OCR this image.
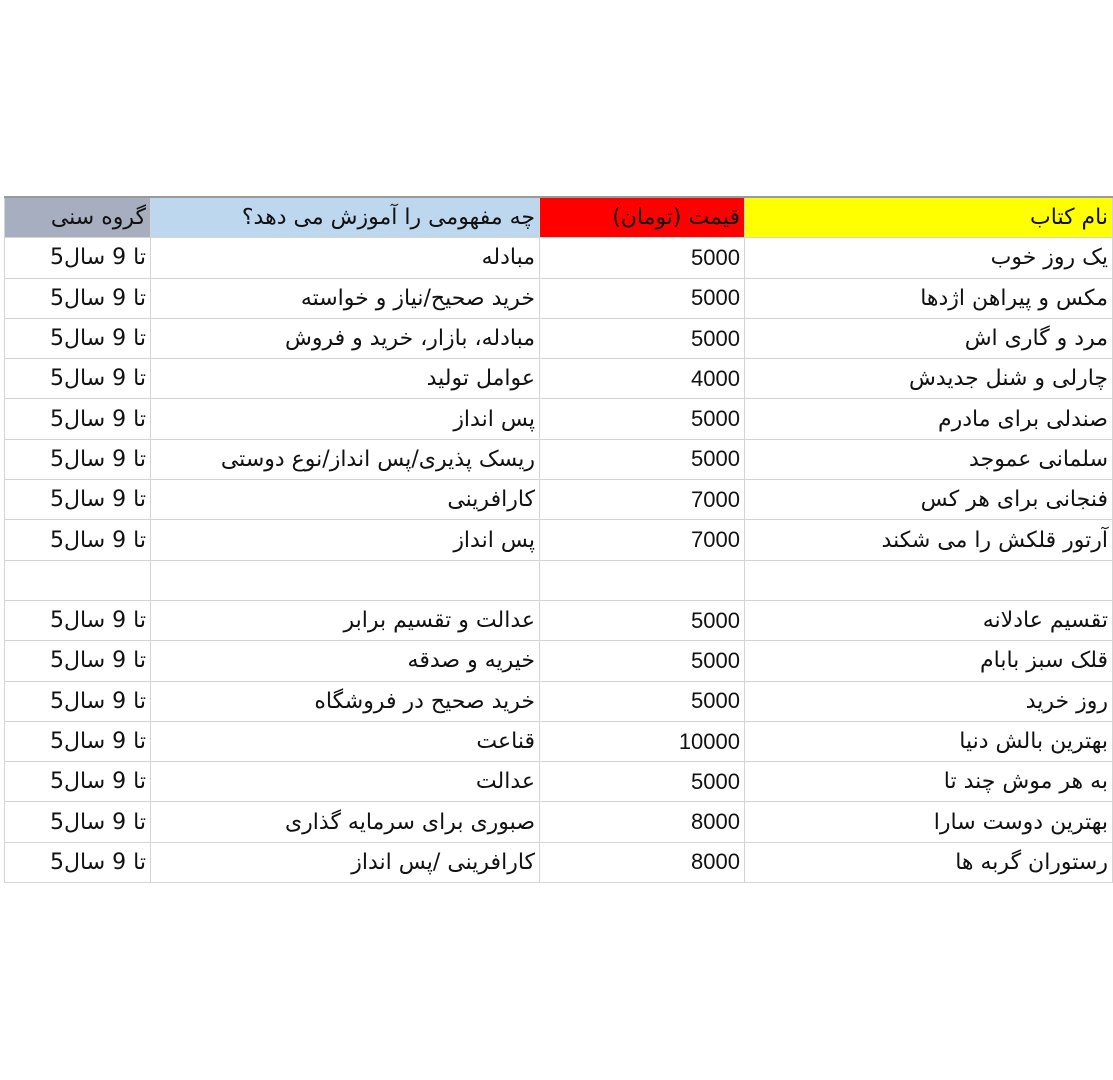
گروه سنی	چه مفهومی را آموزش می دهد؟	قیمت (تومان)	نام کتاب
5تا 9 سال	مبادله	5000	یک روز خوب
5تا 9 سال	خرید صحیح/نیاز و خواسته	5000	مکس و پیراهن اژدها
5تا 9 سال	مبادله، بازار، خرید و فروش	5000	مرد و گاری اش
5تا 9 سال	عوامل تولید	4000	چارلی و شنل جدیدش
5تا 9 سال	پس انداز	5000	صندلی برای مادرم
5تا 9 سال	ریسک پذیری/پس انداز/نوع دوستی	5000	سلمانی عموجد
5تا 9 سال	کارافرینی	7000	فنجانی برای هر کس
5تا 9 سال	پس انداز	7000	آرتور قلکش را می شکند

5تا 9 سال	عدالت و تقسیم برابر	5000	تقسیم عادلانه
5تا 9 سال	خیریه و صدقه	5000	قلک سبز بابام
5تا 9 سال	خرید صحیح در فروشگاه	5000	روز خرید
5تا 9 سال	قناعت	10000	بهترین بالش دنیا
5تا 9 سال	عدالت	5000	به هر موش چند تا
5تا 9 سال	صبوری برای سرمایه گذاری	8000	بهترین دوست سارا
5تا 9 سال	کارافرینی /پس انداز	8000	رستوران گربه ها
